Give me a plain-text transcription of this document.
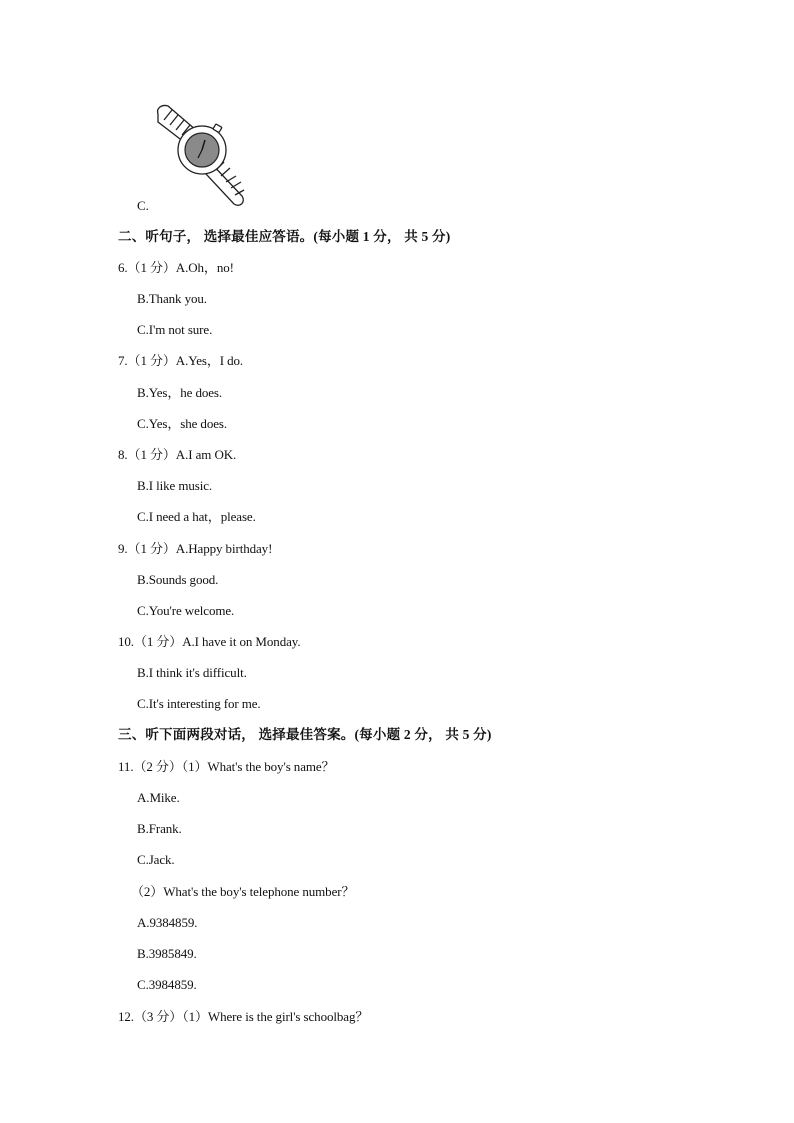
C.
二、听句子， 选择最佳应答语。(每小题 1 分， 共 5 分)
6.（1 分）A.Oh，no!
B.Thank you.
C.I'm not sure.
7.（1 分）A.Yes，I do.
B.Yes，he does.
C.Yes，she does.
8.（1 分）A.I am OK.
B.I like music.
C.I need a hat，please.
9.（1 分）A.Happy birthday!
B.Sounds good.
C.You're welcome.
10.（1 分）A.I have it on Monday.
B.I think it's difficult.
C.It's interesting for me.
三、听下面两段对话， 选择最佳答案。(每小题 2 分， 共 5 分)
11.（2 分）（1）What's the boy's name？
A.Mike.
B.Frank.
C.Jack.
（2）What's the boy's telephone number？
A.9384859.
B.3985849.
C.3984859.
12.（3 分）（1）Where is the girl's schoolbag？
